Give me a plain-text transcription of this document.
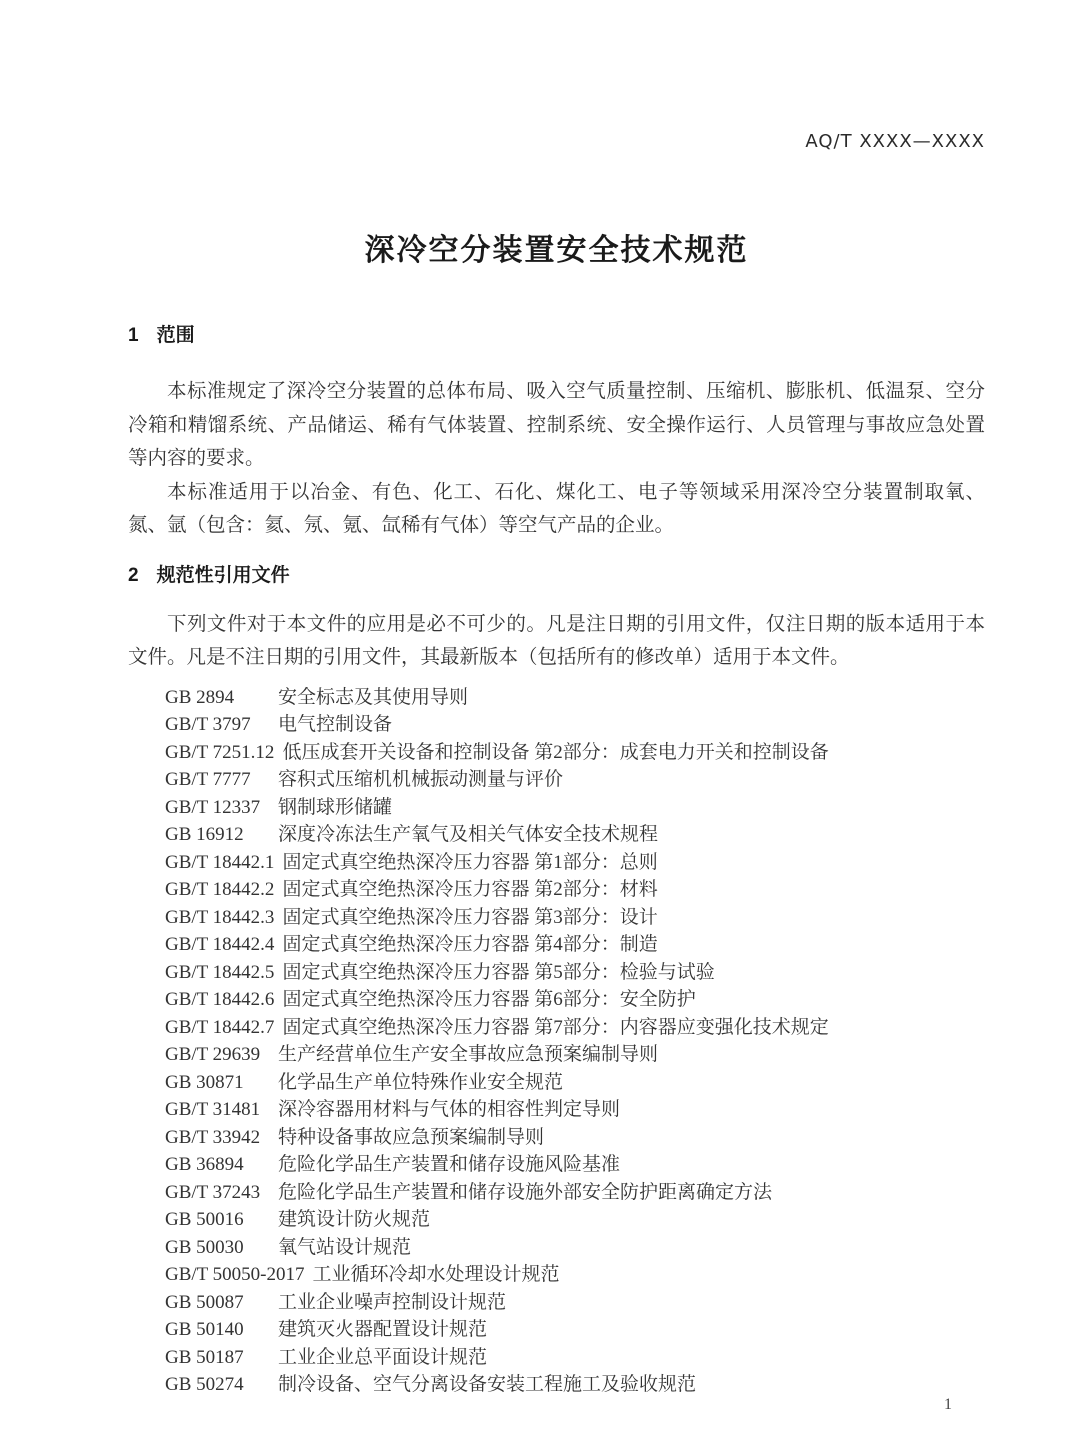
AQ/T XXXX—XXXX
深冷空分装置安全技术规范
1 范围

本标准规定了深冷空分装置的总体布局、吸入空气质量控制、压缩机、膨胀机、低温泵、空分冷箱和精馏系统、产品储运、稀有气体装置、控制系统、安全操作运行、人员管理与事故应急处置等内容的要求。

本标准适用于以冶金、有色、化工、石化、煤化工、电子等领域采用深冷空分装置制取氧、氮、氩（包含：氦、氖、氪、氙稀有气体）等空气产品的企业。

2 规范性引用文件

下列文件对于本文件的应用是必不可少的。凡是注日期的引用文件，仅注日期的版本适用于本文件。凡是不注日期的引用文件，其最新版本（包括所有的修改单）适用于本文件。

GB 2894 安全标志及其使用导则
GB/T 3797 电气控制设备
GB/T 7251.12 低压成套开关设备和控制设备 第2部分：成套电力开关和控制设备
GB/T 7777 容积式压缩机机械振动测量与评价
GB/T 12337 钢制球形储罐
GB 16912 深度冷冻法生产氧气及相关气体安全技术规程
GB/T 18442.1 固定式真空绝热深冷压力容器 第1部分：总则
GB/T 18442.2 固定式真空绝热深冷压力容器 第2部分：材料
GB/T 18442.3 固定式真空绝热深冷压力容器 第3部分：设计
GB/T 18442.4 固定式真空绝热深冷压力容器 第4部分：制造
GB/T 18442.5 固定式真空绝热深冷压力容器 第5部分：检验与试验
GB/T 18442.6 固定式真空绝热深冷压力容器 第6部分：安全防护
GB/T 18442.7 固定式真空绝热深冷压力容器 第7部分：内容器应变强化技术规定
GB/T 29639 生产经营单位生产安全事故应急预案编制导则
GB 30871 化学品生产单位特殊作业安全规范
GB/T 31481 深冷容器用材料与气体的相容性判定导则
GB/T 33942 特种设备事故应急预案编制导则
GB 36894 危险化学品生产装置和储存设施风险基准
GB/T 37243 危险化学品生产装置和储存设施外部安全防护距离确定方法
GB 50016 建筑设计防火规范
GB 50030 氧气站设计规范
GB/T 50050-2017 工业循环冷却水处理设计规范
GB 50087 工业企业噪声控制设计规范
GB 50140 建筑灭火器配置设计规范
GB 50187 工业企业总平面设计规范
GB 50274 制冷设备、空气分离设备安装工程施工及验收规范
1
